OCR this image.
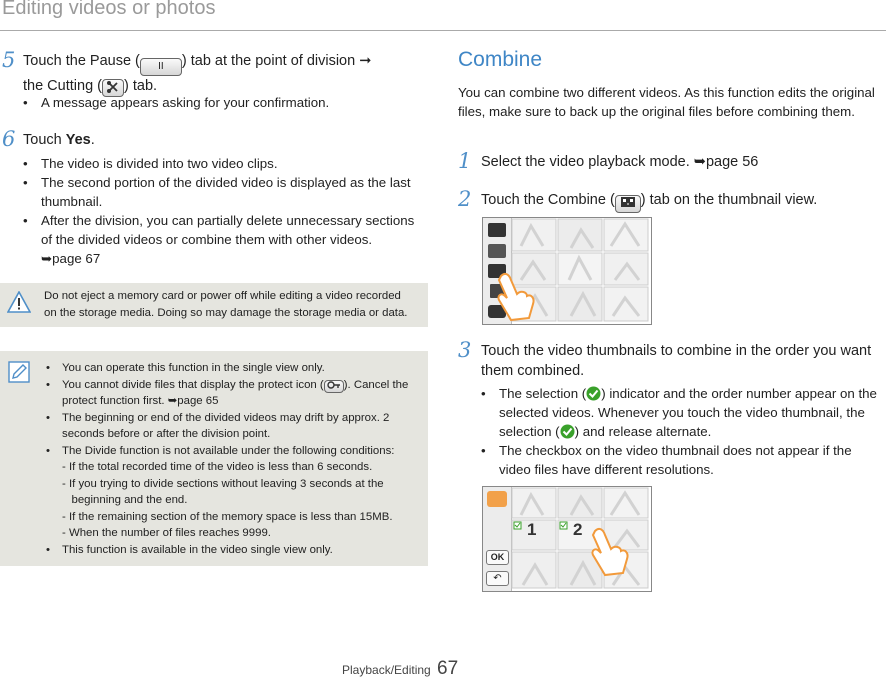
Editing videos or photos
5 Touch the Pause ( II ) tab at the point of division ➞
the Cutting ( ) tab.
• A message appears asking for your confirmation.
6 Touch Yes.
• The video is divided into two video clips.
• The second portion of the divided video is displayed as the last thumbnail.
• After the division, you can partially delete unnecessary sections of the divided videos or combine them with other videos.
➥page 67
Do not eject a memory card or power off while editing a video recorded
on the storage media. Doing so may damage the storage media or data.
• You can operate this function in the single view only.
• You cannot divide files that display the protect icon ( ). Cancel the
protect function first. ➥page 65
• The beginning or end of the divided videos may drift by approx. 2 seconds before or after the division point.
• The Divide function is not available under the following conditions:
- If the total recorded time of the video is less than 6 seconds.
- If you trying to divide sections without leaving 3 seconds at the
beginning and the end.
- If the remaining section of the memory space is less than 15MB.
- When the number of files reaches 9999.
• This function is available in the video single view only.
Combine
You can combine two different videos. As this function edits the original files, make sure to back up the original files before combining them.
1 Select the video playback mode. ➥page 56
2 Touch the Combine ( ) tab on the thumbnail view.
3 Touch the video thumbnails to combine in the order you want them combined.
• The selection ( ) indicator and the order number appear on the selected videos. Whenever you touch the video thumbnail, the selection ( ) and release alternate.
• The checkbox on the video thumbnail does not appear if the video files have different resolutions.
OK
↶
1 2
Playback/Editing 67
